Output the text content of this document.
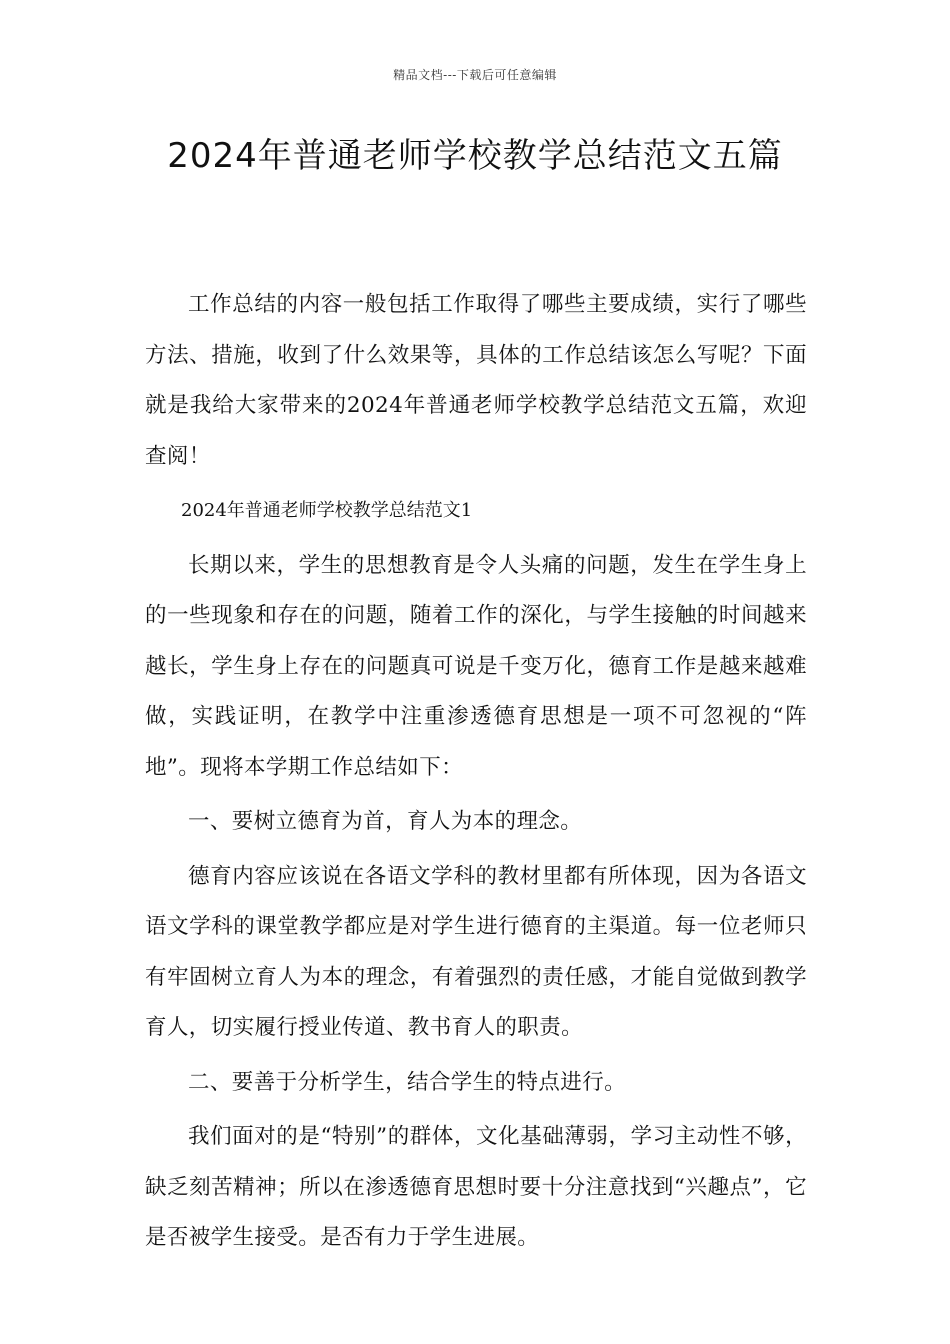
精品文档---下载后可任意编辑
2024年普通老师学校教学总结范文五篇

工作总结的内容一般包括工作取得了哪些主要成绩，实行了哪些方法、措施，收到了什么效果等，具体的工作总结该怎么写呢？下面就是我给大家带来的2024年普通老师学校教学总结范文五篇，欢迎查阅！

2024年普通老师学校教学总结范文1

长期以来，学生的思想教育是令人头痛的问题，发生在学生身上的一些现象和存在的问题，随着工作的深化，与学生接触的时间越来越长，学生身上存在的问题真可说是千变万化，德育工作是越来越难做，实践证明，在教学中注重渗透德育思想是一项不可忽视的“阵地”。现将本学期工作总结如下：

一、要树立德育为首，育人为本的理念。

德育内容应该说在各语文学科的教材里都有所体现，因为各语文语文学科的课堂教学都应是对学生进行德育的主渠道。每一位老师只有牢固树立育人为本的理念，有着强烈的责任感，才能自觉做到教学育人，切实履行授业传道、教书育人的职责。

二、要善于分析学生，结合学生的特点进行。

我们面对的是“特别”的群体，文化基础薄弱，学习主动性不够，缺乏刻苦精神；所以在渗透德育思想时要十分注意找到“兴趣点”，它是否被学生接受。是否有力于学生进展。
